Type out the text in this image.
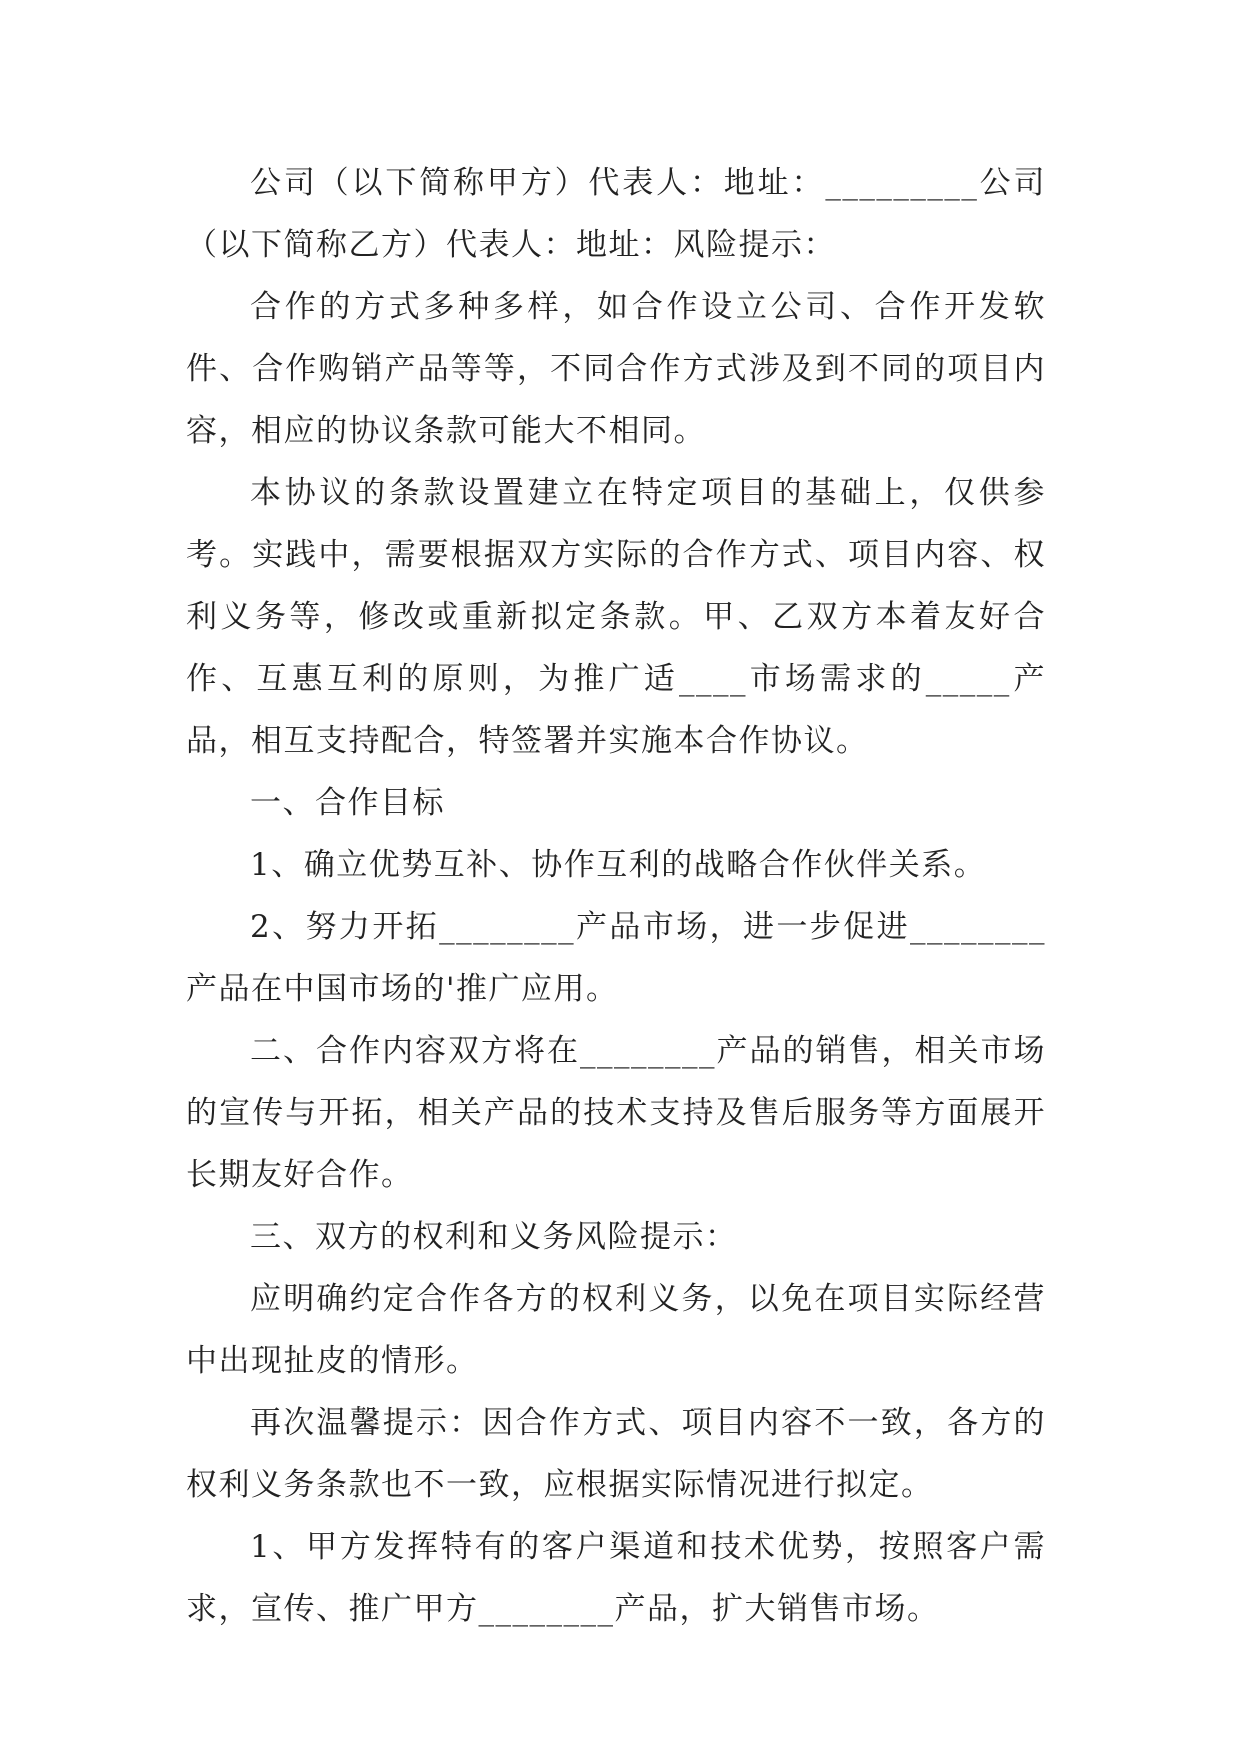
公司（以下简称甲方）代表人：地址：_________公司（以下简称乙方）代表人：地址：风险提示：

合作的方式多种多样，如合作设立公司、合作开发软件、合作购销产品等等，不同合作方式涉及到不同的项目内容，相应的协议条款可能大不相同。

本协议的条款设置建立在特定项目的基础上，仅供参考。实践中，需要根据双方实际的合作方式、项目内容、权利义务等，修改或重新拟定条款。甲、乙双方本着友好合作、互惠互利的原则，为推广适____市场需求的_____产品，相互支持配合，特签署并实施本合作协议。

一、合作目标

1、确立优势互补、协作互利的战略合作伙伴关系。

2、努力开拓________产品市场，进一步促进________产品在中国市场的'推广应用。

二、合作内容双方将在________产品的销售，相关市场的宣传与开拓，相关产品的技术支持及售后服务等方面展开长期友好合作。

三、双方的权利和义务风险提示：

应明确约定合作各方的权利义务，以免在项目实际经营中出现扯皮的情形。

再次温馨提示：因合作方式、项目内容不一致，各方的权利义务条款也不一致，应根据实际情况进行拟定。

1、甲方发挥特有的客户渠道和技术优势，按照客户需求，宣传、推广甲方________产品，扩大销售市场。
